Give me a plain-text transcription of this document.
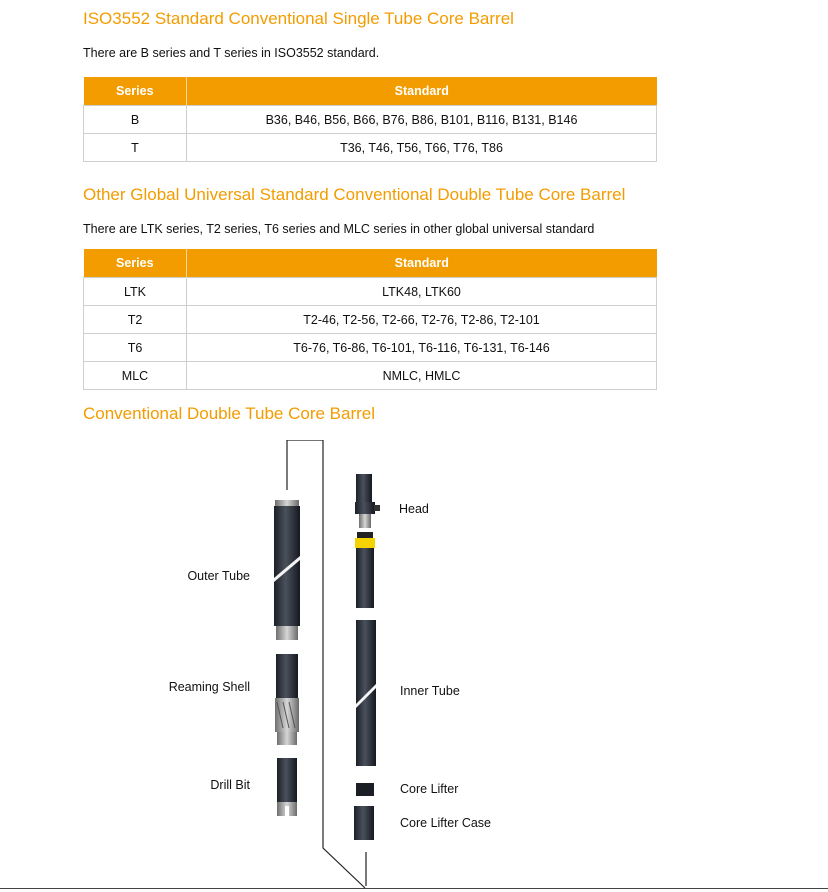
ISO3552 Standard Conventional Single Tube Core Barrel

There are B series and T series in ISO3552 standard.

Series	Standard
B	B36, B46, B56, B66, B76, B86, B101, B116, B131, B146
T	T36, T46, T56, T66, T76, T86
Other Global Universal Standard Conventional Double Tube Core Barrel

There are LTK series, T2 series, T6 series and MLC series in other global universal standard

Series	Standard
LTK	LTK48, LTK60
T2	T2-46, T2-56, T2-66, T2-76, T2-86, T2-101
T6	T6-76, T6-86, T6-101, T6-116, T6-131, T6-146
MLC	NMLC, HMLC
Conventional Double Tube Core Barrel
Outer Tube
Reaming Shell
Drill Bit
Head
Inner Tube
Core Lifter
Core Lifter Case
